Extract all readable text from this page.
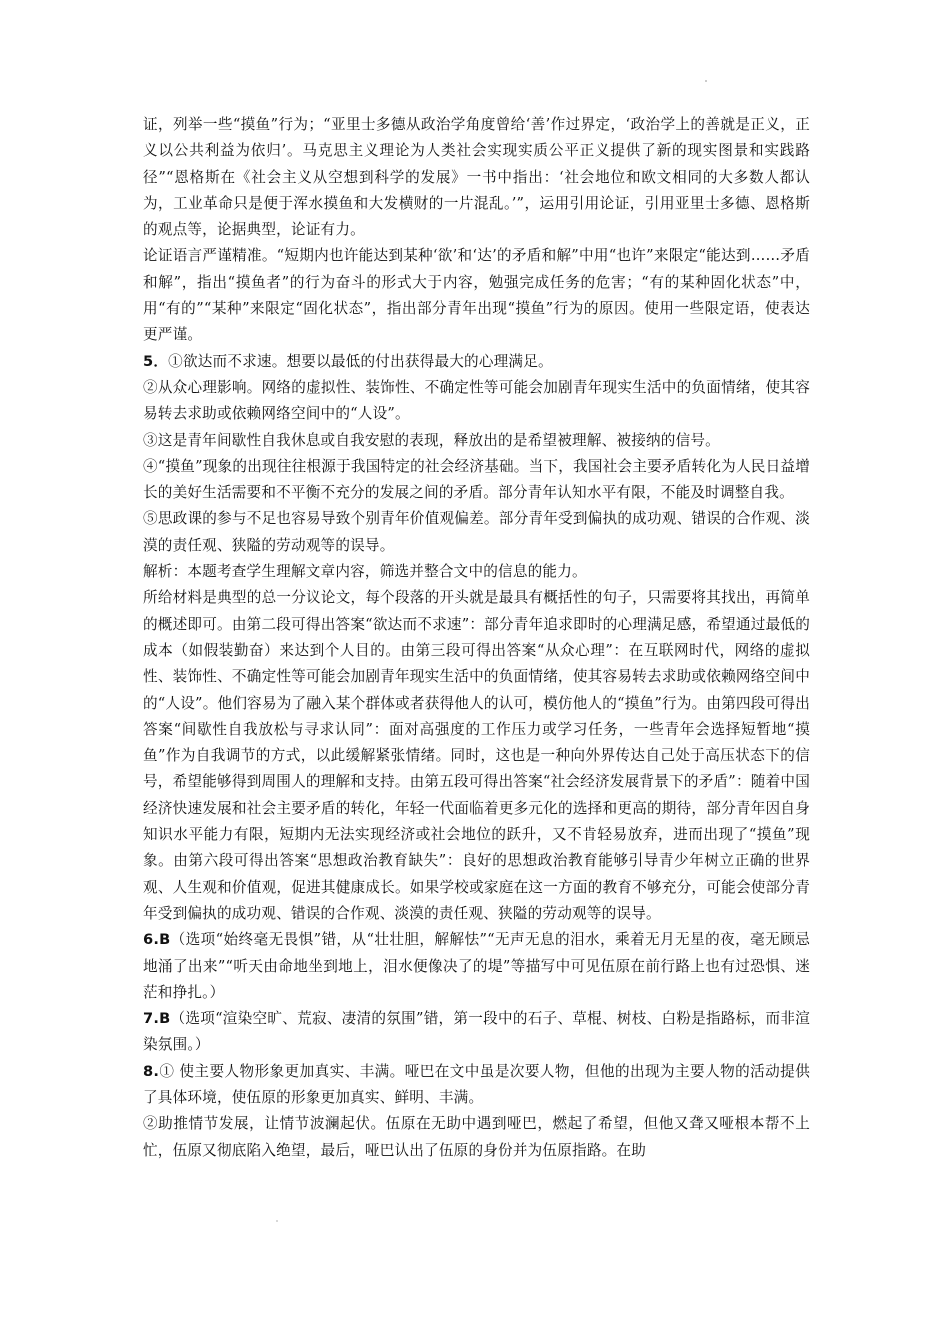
证，列举一些“摸鱼”行为；“亚里士多德从政治学角度曾给‘善’作过界定，‘政治学上的善就是正义，正义以公共利益为依归’。马克思主义理论为人类社会实现实质公平正义提供了新的现实图景和实践路径”“恩格斯在《社会主义从空想到科学的发展》一书中指出：‘社会地位和欧文相同的大多数人都认为，工业革命只是便于浑水摸鱼和大发横财的一片混乱。’”，运用引用论证，引用亚里士多德、恩格斯的观点等，论据典型，论证有力。

论证语言严谨精准。“短期内也许能达到某种‘欲’和‘达’的矛盾和解”中用“也许”来限定“能达到……矛盾和解”，指出“摸鱼者”的行为奋斗的形式大于内容，勉强完成任务的危害；“有的某种固化状态”中，用“有的”“某种”来限定“固化状态”，指出部分青年出现“摸鱼”行为的原因。使用一些限定语，使表达更严谨。

5．①欲达而不求速。想要以最低的付出获得最大的心理满足。

②从众心理影响。网络的虚拟性、装饰性、不确定性等可能会加剧青年现实生活中的负面情绪，使其容易转去求助或依赖网络空间中的“人设”。

③这是青年间歇性自我休息或自我安慰的表现，释放出的是希望被理解、被接纳的信号。

④“摸鱼”现象的出现往往根源于我国特定的社会经济基础。当下，我国社会主要矛盾转化为人民日益增长的美好生活需要和不平衡不充分的发展之间的矛盾。部分青年认知水平有限，不能及时调整自我。

⑤思政课的参与不足也容易导致个别青年价值观偏差。部分青年受到偏执的成功观、错误的合作观、淡漠的责任观、狭隘的劳动观等的误导。

解析：本题考查学生理解文章内容，筛选并整合文中的信息的能力。

所给材料是典型的总一分议论文，每个段落的开头就是最具有概括性的句子，只需要将其找出，再简单的概述即可。由第二段可得出答案“欲达而不求速”：部分青年追求即时的心理满足感，希望通过最低的成本（如假装勤奋）来达到个人目的。由第三段可得出答案“从众心理”：在互联网时代，网络的虚拟性、装饰性、不确定性等可能会加剧青年现实生活中的负面情绪，使其容易转去求助或依赖网络空间中的“人设”。他们容易为了融入某个群体或者获得他人的认可，模仿他人的“摸鱼”行为。由第四段可得出答案“间歇性自我放松与寻求认同”：面对高强度的工作压力或学习任务，一些青年会选择短暂地“摸鱼”作为自我调节的方式，以此缓解紧张情绪。同时，这也是一种向外界传达自己处于高压状态下的信号，希望能够得到周围人的理解和支持。由第五段可得出答案“社会经济发展背景下的矛盾”：随着中国经济快速发展和社会主要矛盾的转化，年轻一代面临着更多元化的选择和更高的期待，部分青年因自身知识水平能力有限，短期内无法实现经济或社会地位的跃升，又不肯轻易放弃，进而出现了“摸鱼”现象。由第六段可得出答案“思想政治教育缺失”：良好的思想政治教育能够引导青少年树立正确的世界观、人生观和价值观，促进其健康成长。如果学校或家庭在这一方面的教育不够充分，可能会使部分青年受到偏执的成功观、错误的合作观、淡漠的责任观、狭隘的劳动观等的误导。

6.B（选项“始终毫无畏惧”错，从“壮壮胆，解解怯”“无声无息的泪水，乘着无月无星的夜，毫无顾忌地涌了出来”“听天由命地坐到地上，泪水便像决了的堤”等描写中可见伍原在前行路上也有过恐惧、迷茫和挣扎。）

7.B（选项“渲染空旷、荒寂、凄清的氛围”错，第一段中的石子、草棍、树枝、白粉是指路标，而非渲染氛围。）

8.① 使主要人物形象更加真实、丰满。哑巴在文中虽是次要人物，但他的出现为主要人物的活动提供了具体环境，使伍原的形象更加真实、鲜明、丰满。

②助推情节发展，让情节波澜起伏。伍原在无助中遇到哑巴，燃起了希望，但他又聋又哑根本帮不上忙，伍原又彻底陷入绝望，最后，哑巴认出了伍原的身份并为伍原指路。在助
